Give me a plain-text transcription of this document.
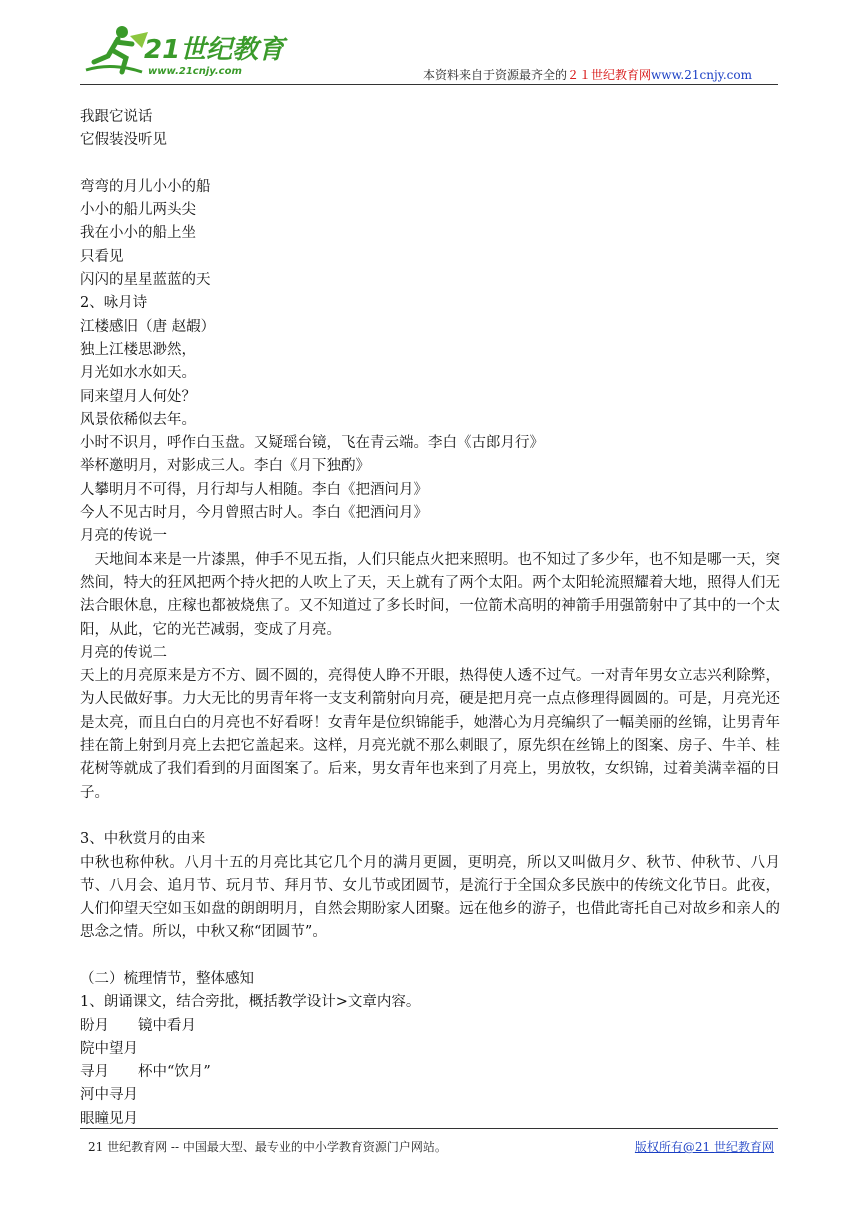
21世纪教育
www.21cnjy.com	本资料来自于资源最齐全的２１世纪教育网www.21cnjy.com
我跟它说话
它假装没听见
弯弯的月儿小小的船
小小的船儿两头尖
我在小小的船上坐
只看见
闪闪的星星蓝蓝的天
2、咏月诗
江楼感旧（唐 赵嘏）
独上江楼思渺然，
月光如水水如天。
同来望月人何处？
风景依稀似去年。
小时不识月，呼作白玉盘。又疑瑶台镜，飞在青云端。李白《古郎月行》
举杯邀明月，对影成三人。李白《月下独酌》
人攀明月不可得，月行却与人相随。李白《把酒问月》
今人不见古时月，今月曾照古时人。李白《把酒问月》
月亮的传说一
天地间本来是一片漆黑，伸手不见五指，人们只能点火把来照明。也不知过了多少年，也不知是哪一天，突然间，特大的狂风把两个持火把的人吹上了天，天上就有了两个太阳。两个太阳轮流照耀着大地，照得人们无法合眼休息，庄稼也都被烧焦了。又不知道过了多长时间，一位箭术高明的神箭手用强箭射中了其中的一个太阳，从此，它的光芒减弱，变成了月亮。
月亮的传说二
天上的月亮原来是方不方、圆不圆的，亮得使人睁不开眼，热得使人透不过气。一对青年男女立志兴利除弊，为人民做好事。力大无比的男青年将一支支利箭射向月亮，硬是把月亮一点点修理得圆圆的。可是，月亮光还是太亮，而且白白的月亮也不好看呀！女青年是位织锦能手，她潜心为月亮编织了一幅美丽的丝锦，让男青年挂在箭上射到月亮上去把它盖起来。这样，月亮光就不那么刺眼了，原先织在丝锦上的图案、房子、牛羊、桂花树等就成了我们看到的月面图案了。后来，男女青年也来到了月亮上，男放牧，女织锦，过着美满幸福的日子。
3、中秋赏月的由来
中秋也称仲秋。八月十五的月亮比其它几个月的满月更圆，更明亮，所以又叫做月夕、秋节、仲秋节、八月节、八月会、追月节、玩月节、拜月节、女儿节或团圆节，是流行于全国众多民族中的传统文化节日。此夜，人们仰望天空如玉如盘的朗朗明月，自然会期盼家人团聚。远在他乡的游子，也借此寄托自己对故乡和亲人的思念之情。所以，中秋又称“团圆节”。
（二）梳理情节，整体感知
1、朗诵课文，结合旁批，概括教学设计>文章内容。
盼月　　镜中看月
院中望月
寻月　　杯中“饮月”
河中寻月
眼瞳见月
21 世纪教育网 -- 中国最大型、最专业的中小学教育资源门户网站。	版权所有@21 世纪教育网
